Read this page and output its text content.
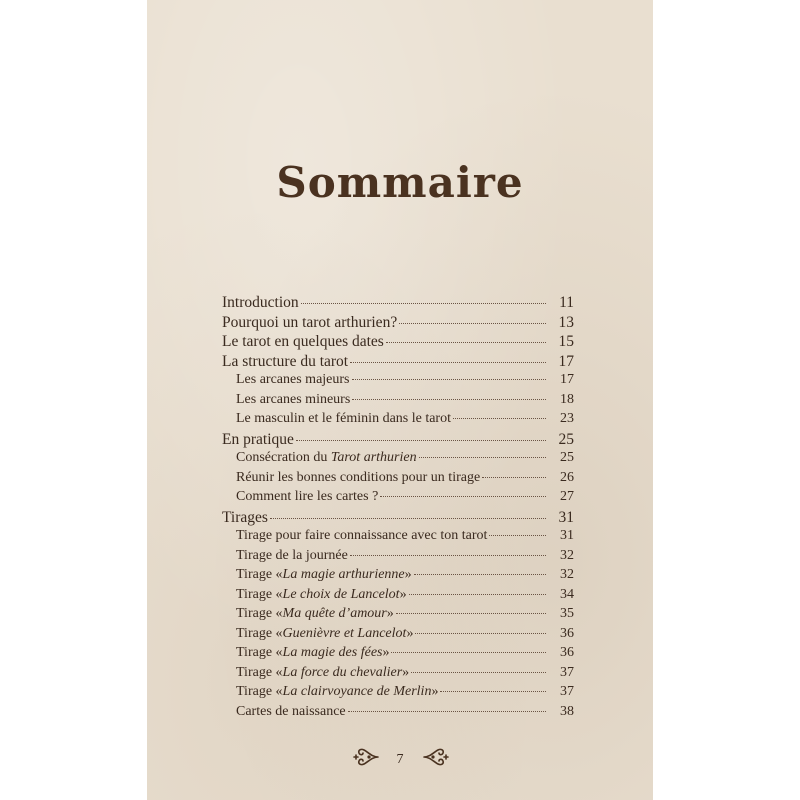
Sommaire
Introduction	11
Pourquoi un tarot arthurien?	13
Le tarot en quelques dates	15
La structure du tarot	17
Les arcanes majeurs	17
Les arcanes mineurs	18
Le masculin et le féminin dans le tarot	23
En pratique	25
Consécration du Tarot arthurien	25
Réunir les bonnes conditions pour un tirage	26
Comment lire les cartes ?	27
Tirages	31
Tirage pour faire connaissance avec ton tarot	31
Tirage de la journée	32
Tirage «La magie arthurienne»	32
Tirage «Le choix de Lancelot»	34
Tirage «Ma quête d’amour»	35
Tirage «Guenièvre et Lancelot»	36
Tirage «La magie des fées»	36
Tirage «La force du chevalier»	37
Tirage «La clairvoyance de Merlin»	37
Cartes de naissance	38
7
